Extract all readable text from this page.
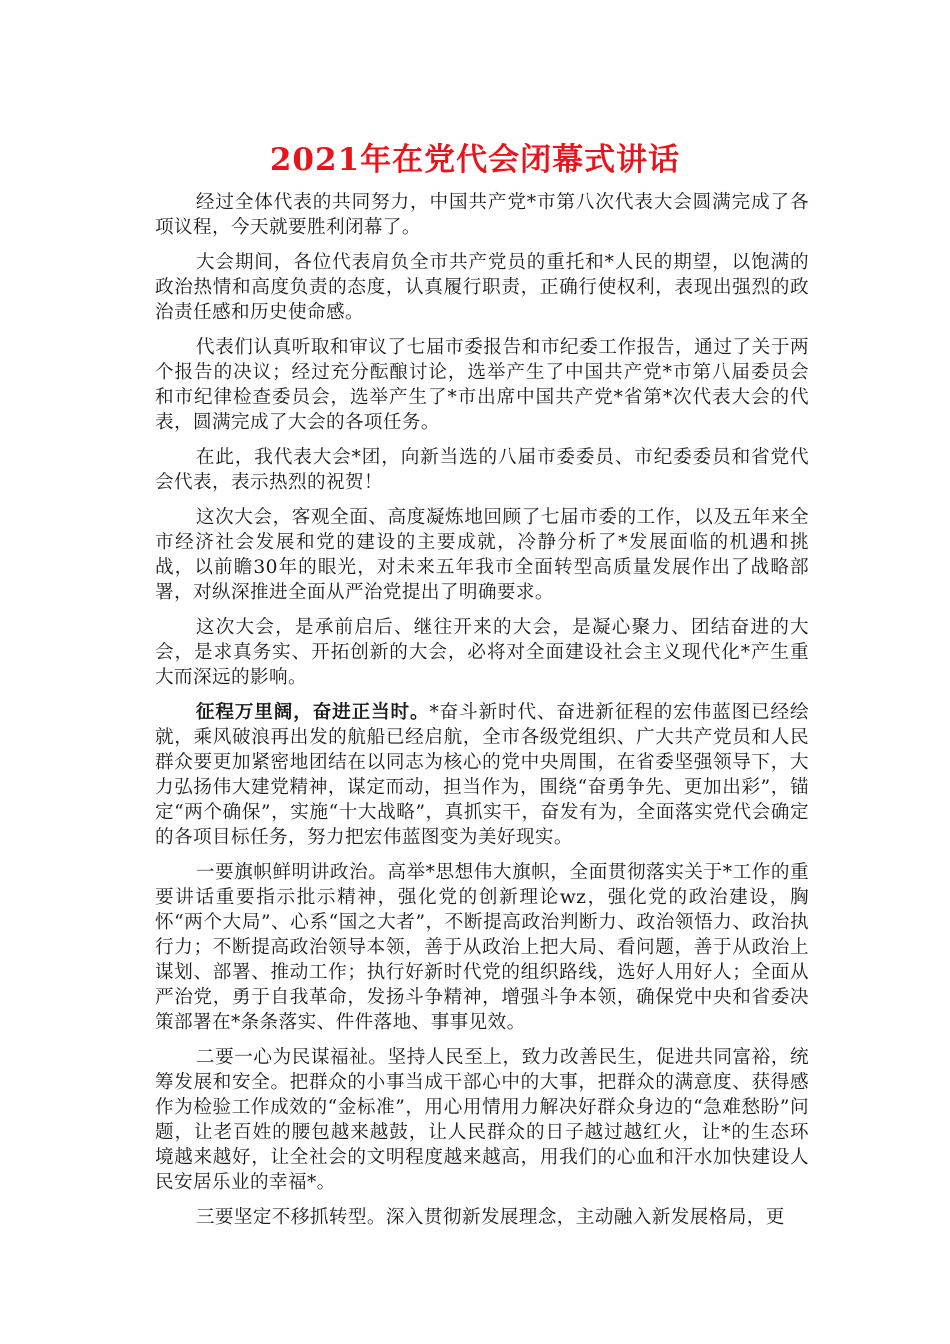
2021年在党代会闭幕式讲话

经过全体代表的共同努力，中国共产党*市第八次代表大会圆满完成了各项议程，今天就要胜利闭幕了。

大会期间，各位代表肩负全市共产党员的重托和*人民的期望，以饱满的政治热情和高度负责的态度，认真履行职责，正确行使权利，表现出强烈的政治责任感和历史使命感。

代表们认真听取和审议了七届市委报告和市纪委工作报告，通过了关于两个报告的决议；经过充分酝酿讨论，选举产生了中国共产党*市第八届委员会和市纪律检查委员会，选举产生了*市出席中国共产党*省第*次代表大会的代表，圆满完成了大会的各项任务。

在此，我代表大会*团，向新当选的八届市委委员、市纪委委员和省党代会代表，表示热烈的祝贺！

这次大会，客观全面、高度凝炼地回顾了七届市委的工作，以及五年来全市经济社会发展和党的建设的主要成就，冷静分析了*发展面临的机遇和挑战，以前瞻30年的眼光，对未来五年我市全面转型高质量发展作出了战略部署，对纵深推进全面从严治党提出了明确要求。

这次大会，是承前启后、继往开来的大会，是凝心聚力、团结奋进的大会，是求真务实、开拓创新的大会，必将对全面建设社会主义现代化*产生重大而深远的影响。

征程万里阔，奋进正当时。*奋斗新时代、奋进新征程的宏伟蓝图已经绘就，乘风破浪再出发的航船已经启航，全市各级党组织、广大共产党员和人民群众要更加紧密地团结在以同志为核心的党中央周围，在省委坚强领导下，大力弘扬伟大建党精神，谋定而动，担当作为，围绕“奋勇争先、更加出彩”，锚定“两个确保”，实施“十大战略”，真抓实干，奋发有为，全面落实党代会确定的各项目标任务，努力把宏伟蓝图变为美好现实。

一要旗帜鲜明讲政治。高举*思想伟大旗帜，全面贯彻落实关于*工作的重要讲话重要指示批示精神，强化党的创新理论wz，强化党的政治建设，胸怀“两个大局”、心系“国之大者”，不断提高政治判断力、政治领悟力、政治执行力；不断提高政治领导本领，善于从政治上把大局、看问题，善于从政治上谋划、部署、推动工作；执行好新时代党的组织路线，选好人用好人；全面从严治党，勇于自我革命，发扬斗争精神，增强斗争本领，确保党中央和省委决策部署在*条条落实、件件落地、事事见效。

二要一心为民谋福祉。坚持人民至上，致力改善民生，促进共同富裕，统筹发展和安全。把群众的小事当成干部心中的大事，把群众的满意度、获得感作为检验工作成效的“金标准”，用心用情用力解决好群众身边的“急难愁盼”问题，让老百姓的腰包越来越鼓，让人民群众的日子越过越红火，让*的生态环境越来越好，让全社会的文明程度越来越高，用我们的心血和汗水加快建设人民安居乐业的幸福*。

三要坚定不移抓转型。深入贯彻新发展理念，主动融入新发展格局，更
